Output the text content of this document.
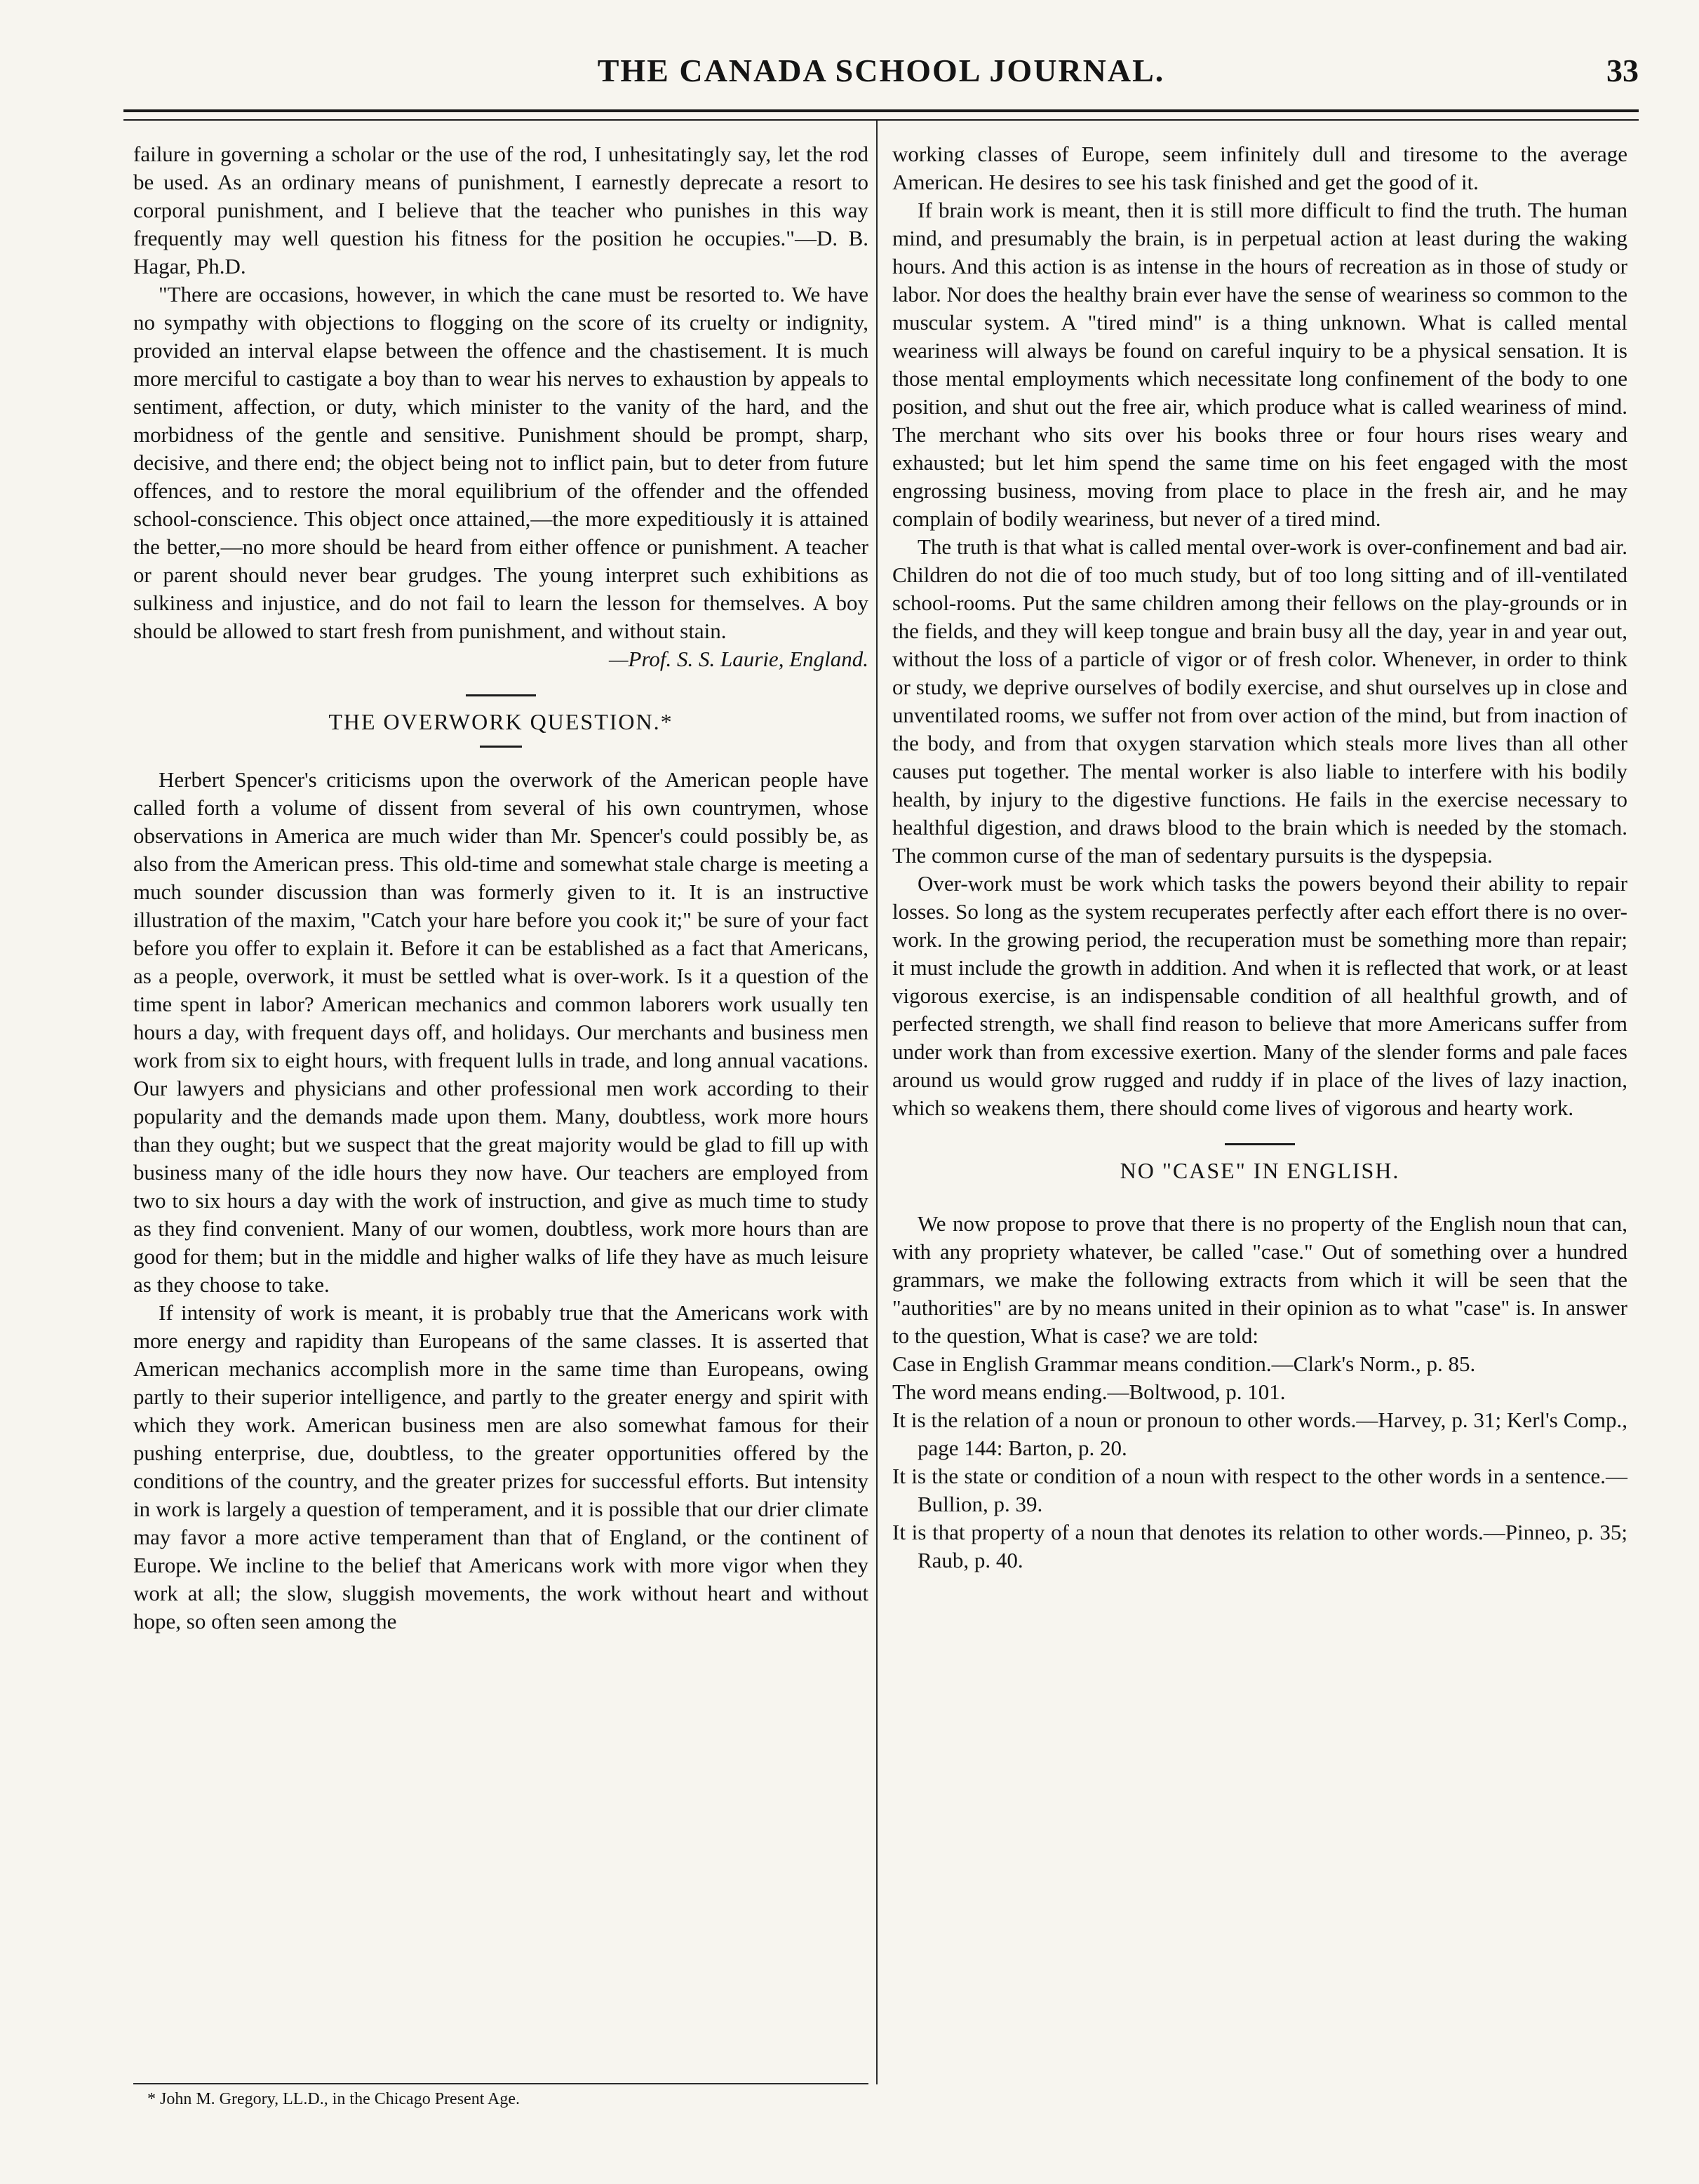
THE CANADA SCHOOL JOURNAL.	33

failure in governing a scholar or the use of the rod, I unhesitatingly say, let the rod be used. As an ordinary means of punishment, I earnestly deprecate a resort to corporal punishment, and I believe that the teacher who punishes in this way frequently may well question his fitness for the position he occupies."—D. B. Hagar, Ph.D.

"There are occasions, however, in which the cane must be resorted to. We have no sympathy with objections to flogging on the score of its cruelty or indignity, provided an interval elapse between the offence and the chastisement. It is much more merciful to castigate a boy than to wear his nerves to exhaustion by appeals to sentiment, affection, or duty, which minister to the vanity of the hard, and the morbidness of the gentle and sensitive. Punishment should be prompt, sharp, decisive, and there end; the object being not to inflict pain, but to deter from future offences, and to restore the moral equilibrium of the offender and the offended school-conscience. This object once attained,—the more expeditiously it is attained the better,—no more should be heard from either offence or punishment. A teacher or parent should never bear grudges. The young interpret such exhibitions as sulkiness and injustice, and do not fail to learn the lesson for themselves. A boy should be allowed to start fresh from punishment, and without stain.

—Prof. S. S. Laurie, England.

THE OVERWORK QUESTION.*

Herbert Spencer's criticisms upon the overwork of the American people have called forth a volume of dissent from several of his own countrymen, whose observations in America are much wider than Mr. Spencer's could possibly be, as also from the American press. This old-time and somewhat stale charge is meeting a much sounder discussion than was formerly given to it. It is an instructive illustration of the maxim, "Catch your hare before you cook it;" be sure of your fact before you offer to explain it. Before it can be established as a fact that Americans, as a people, overwork, it must be settled what is over-work. Is it a question of the time spent in labor? American mechanics and common laborers work usually ten hours a day, with frequent days off, and holidays. Our merchants and business men work from six to eight hours, with frequent lulls in trade, and long annual vacations. Our lawyers and physicians and other professional men work according to their popularity and the demands made upon them. Many, doubtless, work more hours than they ought; but we suspect that the great majority would be glad to fill up with business many of the idle hours they now have. Our teachers are employed from two to six hours a day with the work of instruction, and give as much time to study as they find convenient. Many of our women, doubtless, work more hours than are good for them; but in the middle and higher walks of life they have as much leisure as they choose to take.

If intensity of work is meant, it is probably true that the Americans work with more energy and rapidity than Europeans of the same classes. It is asserted that American mechanics accomplish more in the same time than Europeans, owing partly to their superior intelligence, and partly to the greater energy and spirit with which they work. American business men are also somewhat famous for their pushing enterprise, due, doubtless, to the greater opportunities offered by the conditions of the country, and the greater prizes for successful efforts. But intensity in work is largely a question of temperament, and it is possible that our drier climate may favor a more active temperament than that of England, or the continent of Europe. We incline to the belief that Americans work with more vigor when they work at all; the slow, sluggish movements, the work without heart and without hope, so often seen among the

working classes of Europe, seem infinitely dull and tiresome to the average American. He desires to see his task finished and get the good of it.

If brain work is meant, then it is still more difficult to find the truth. The human mind, and presumably the brain, is in perpetual action at least during the waking hours. And this action is as intense in the hours of recreation as in those of study or labor. Nor does the healthy brain ever have the sense of weariness so common to the muscular system. A "tired mind" is a thing unknown. What is called mental weariness will always be found on careful inquiry to be a physical sensation. It is those mental employments which necessitate long confinement of the body to one position, and shut out the free air, which produce what is called weariness of mind. The merchant who sits over his books three or four hours rises weary and exhausted; but let him spend the same time on his feet engaged with the most engrossing business, moving from place to place in the fresh air, and he may complain of bodily weariness, but never of a tired mind.

The truth is that what is called mental over-work is over-confinement and bad air. Children do not die of too much study, but of too long sitting and of ill-ventilated school-rooms. Put the same children among their fellows on the play-grounds or in the fields, and they will keep tongue and brain busy all the day, year in and year out, without the loss of a particle of vigor or of fresh color. Whenever, in order to think or study, we deprive ourselves of bodily exercise, and shut ourselves up in close and unventilated rooms, we suffer not from over action of the mind, but from inaction of the body, and from that oxygen starvation which steals more lives than all other causes put together. The mental worker is also liable to interfere with his bodily health, by injury to the digestive functions. He fails in the exercise necessary to healthful digestion, and draws blood to the brain which is needed by the stomach. The common curse of the man of sedentary pursuits is the dyspepsia.

Over-work must be work which tasks the powers beyond their ability to repair losses. So long as the system recuperates perfectly after each effort there is no over-work. In the growing period, the recuperation must be something more than repair; it must include the growth in addition. And when it is reflected that work, or at least vigorous exercise, is an indispensable condition of all healthful growth, and of perfected strength, we shall find reason to believe that more Americans suffer from under work than from excessive exertion. Many of the slender forms and pale faces around us would grow rugged and ruddy if in place of the lives of lazy inaction, which so weakens them, there should come lives of vigorous and hearty work.

NO "CASE" IN ENGLISH.

We now propose to prove that there is no property of the English noun that can, with any propriety whatever, be called "case." Out of something over a hundred grammars, we make the following extracts from which it will be seen that the "authorities" are by no means united in their opinion as to what "case" is. In answer to the question, What is case? we are told:

Case in English Grammar means condition.—Clark's Norm., p. 85.

The word means ending.—Boltwood, p. 101.

It is the relation of a noun or pronoun to other words.—Harvey, p. 31; Kerl's Comp., page 144: Barton, p. 20.

It is the state or condition of a noun with respect to the other words in a sentence.—Bullion, p. 39.

It is that property of a noun that denotes its relation to other words.—Pinneo, p. 35; Raub, p. 40.

* John M. Gregory, LL.D., in the Chicago Present Age.
